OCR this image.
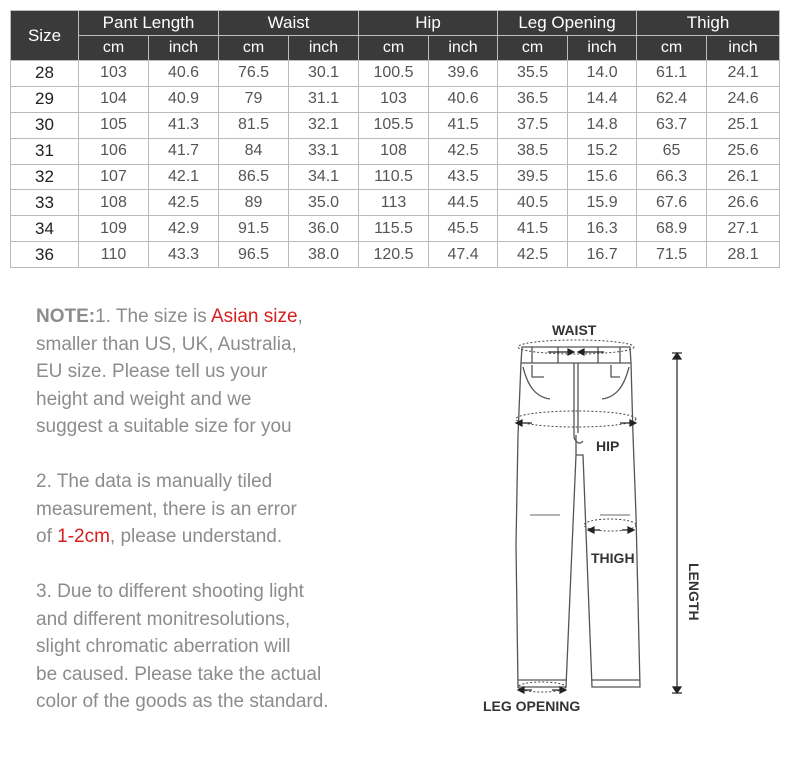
Size	Pant Length		Waist		Hip		Leg Opening		Thigh	
	cm	inch	cm	inch	cm	inch	cm	inch	cm	inch
28	103	40.6	76.5	30.1	100.5	39.6	35.5	14.0	61.1	24.1
29	104	40.9	79	31.1	103	40.6	36.5	14.4	62.4	24.6
30	105	41.3	81.5	32.1	105.5	41.5	37.5	14.8	63.7	25.1
31	106	41.7	84	33.1	108	42.5	38.5	15.2	65	25.6
32	107	42.1	86.5	34.1	110.5	43.5	39.5	15.6	66.3	26.1
33	108	42.5	89	35.0	113	44.5	40.5	15.9	67.6	26.6
34	109	42.9	91.5	36.0	115.5	45.5	41.5	16.3	68.9	27.1
36	110	43.3	96.5	38.0	120.5	47.4	42.5	16.7	71.5	28.1

NOTE:1. The size is Asian size,
smaller than US, UK, Australia,
EU size. Please tell us your
height and weight and we
suggest a suitable size for you

2. The data is manually tiled
measurement, there is an error
of 1-2cm, please understand.

3. Due to different shooting light
and different monitresolutions,
slight chromatic aberration will
be caused. Please take the actual
color of the goods as the standard.

WAIST
HIP
THIGH
LENGTH
LEG OPENING
